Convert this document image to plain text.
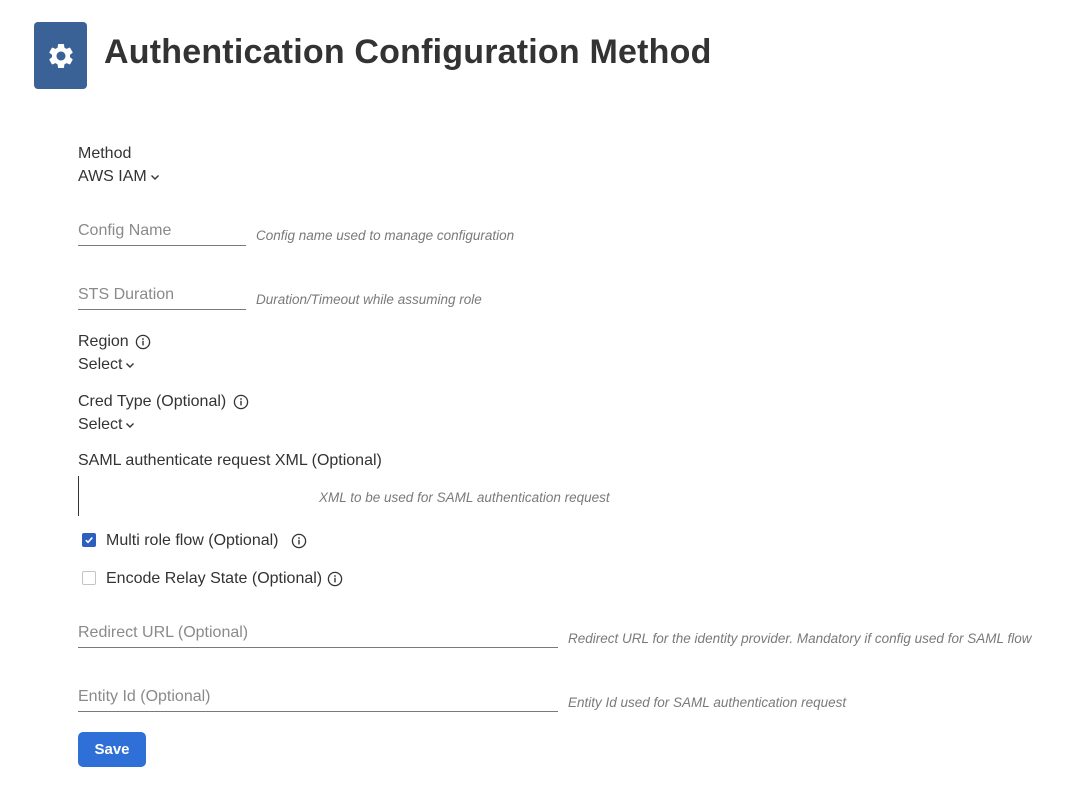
Authentication Configuration Method
Method
AWS IAM
Config Name
Config name used to manage configuration
STS Duration
Duration/Timeout while assuming role
Region
Select
Cred Type (Optional)
Select
SAML authenticate request XML (Optional)
XML to be used for SAML authentication request
Multi role flow (Optional)
Encode Relay State (Optional)
Redirect URL (Optional)
Redirect URL for the identity provider. Mandatory if config used for SAML flow
Entity Id (Optional)
Entity Id used for SAML authentication request
Save
